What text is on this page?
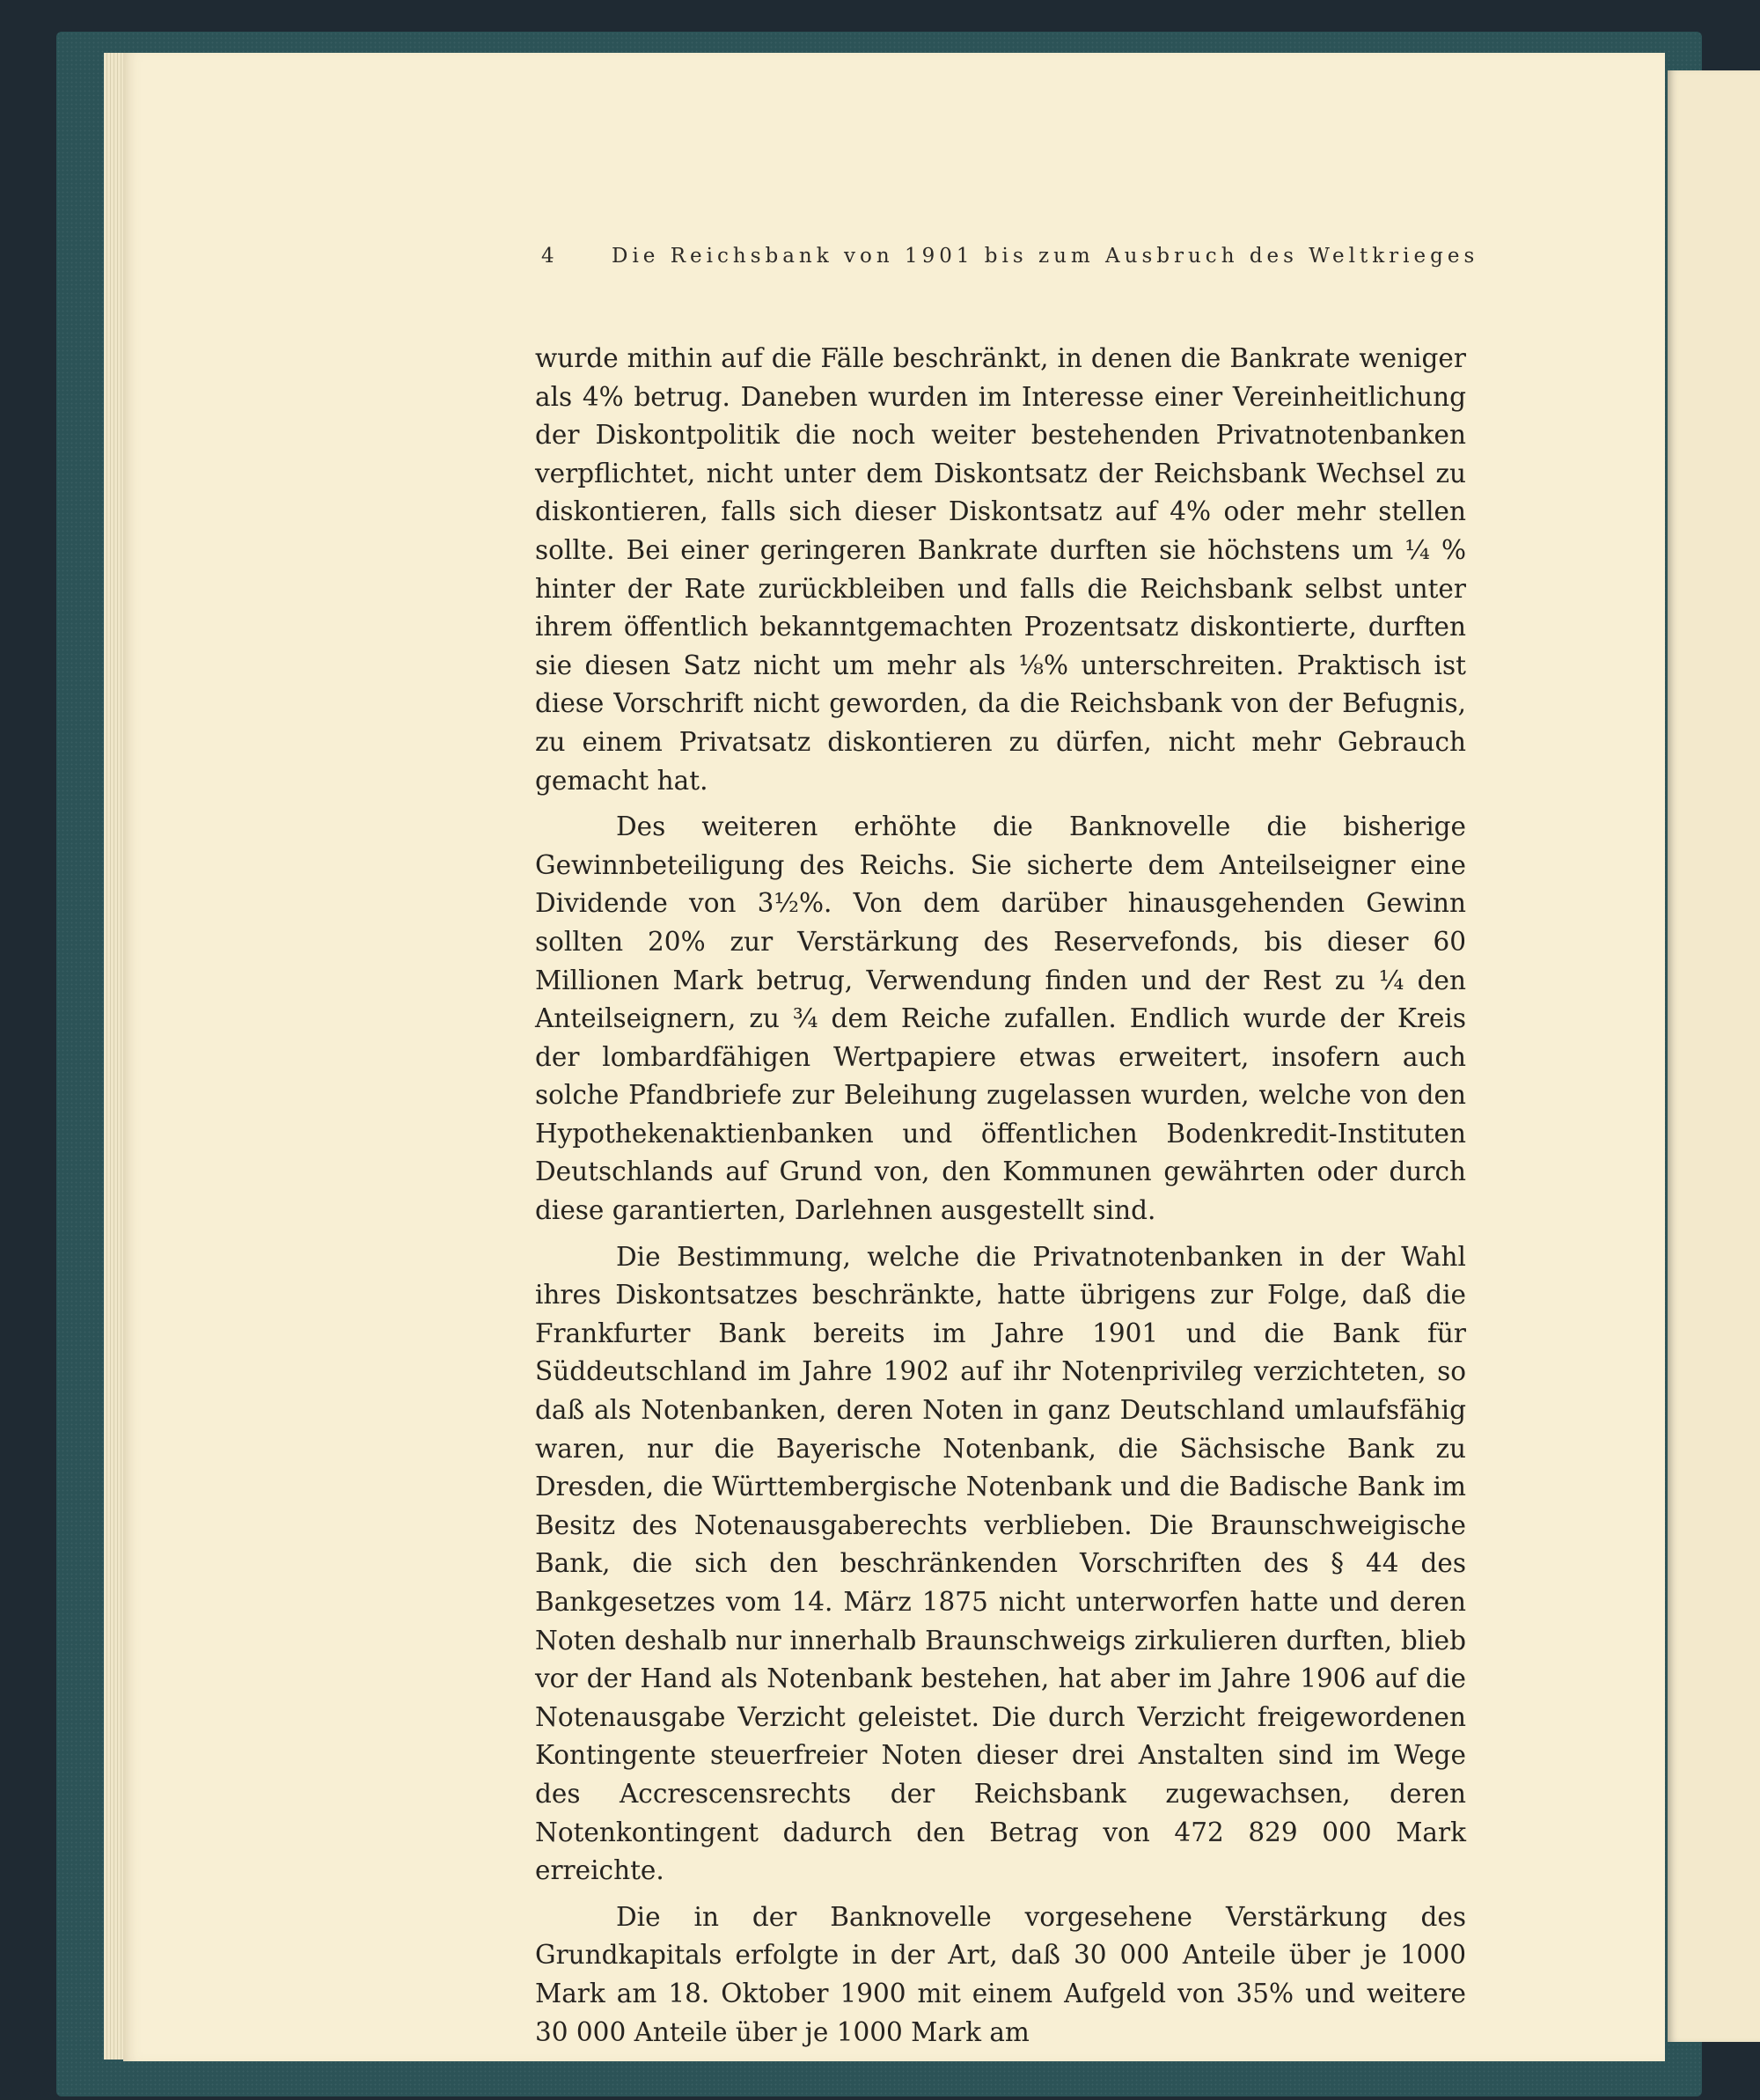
4	Die Reichsbank von 1901 bis zum Ausbruch des Weltkrieges

wurde mithin auf die Fälle beschränkt, in denen die Bankrate weniger als 4% betrug. Daneben wurden im Interesse einer Vereinheitlichung der Diskontpolitik die noch weiter bestehenden Privatnotenbanken verpflichtet, nicht unter dem Diskontsatz der Reichsbank Wechsel zu diskontieren, falls sich dieser Diskontsatz auf 4% oder mehr stellen sollte. Bei einer geringeren Bankrate durften sie höchstens um ¼ % hinter der Rate zurückbleiben und falls die Reichsbank selbst unter ihrem öffentlich bekanntgemachten Prozentsatz diskontierte, durften sie diesen Satz nicht um mehr als ⅛% unterschreiten. Praktisch ist diese Vorschrift nicht geworden, da die Reichsbank von der Befugnis, zu einem Privatsatz diskontieren zu dürfen, nicht mehr Gebrauch gemacht hat.

Des weiteren erhöhte die Banknovelle die bisherige Gewinnbeteiligung des Reichs. Sie sicherte dem Anteilseigner eine Dividende von 3½%. Von dem darüber hinausgehenden Gewinn sollten 20% zur Verstärkung des Reservefonds, bis dieser 60 Millionen Mark betrug, Verwendung finden und der Rest zu ¼ den Anteilseignern, zu ¾ dem Reiche zufallen. Endlich wurde der Kreis der lombardfähigen Wertpapiere etwas erweitert, insofern auch solche Pfandbriefe zur Beleihung zugelassen wurden, welche von den Hypothekenaktienbanken und öffentlichen Bodenkredit-Instituten Deutschlands auf Grund von, den Kommunen gewährten oder durch diese garantierten, Darlehnen ausgestellt sind.

Die Bestimmung, welche die Privatnotenbanken in der Wahl ihres Diskontsatzes beschränkte, hatte übrigens zur Folge, daß die Frankfurter Bank bereits im Jahre 1901 und die Bank für Süddeutschland im Jahre 1902 auf ihr Notenprivileg verzichteten, so daß als Notenbanken, deren Noten in ganz Deutschland umlaufsfähig waren, nur die Bayerische Notenbank, die Sächsische Bank zu Dresden, die Württembergische Notenbank und die Badische Bank im Besitz des Notenausgaberechts verblieben. Die Braunschweigische Bank, die sich den beschränkenden Vorschriften des § 44 des Bankgesetzes vom 14. März 1875 nicht unterworfen hatte und deren Noten deshalb nur innerhalb Braunschweigs zirkulieren durften, blieb vor der Hand als Notenbank bestehen, hat aber im Jahre 1906 auf die Notenausgabe Verzicht geleistet. Die durch Verzicht freigewordenen Kontingente steuerfreier Noten dieser drei Anstalten sind im Wege des Accrescensrechts der Reichsbank zugewachsen, deren Notenkontingent dadurch den Betrag von 472 829 000 Mark erreichte.

Die in der Banknovelle vorgesehene Verstärkung des Grundkapitals erfolgte in der Art, daß 30 000 Anteile über je 1000 Mark am 18. Oktober 1900 mit einem Aufgeld von 35% und weitere 30 000 Anteile über je 1000 Mark am
